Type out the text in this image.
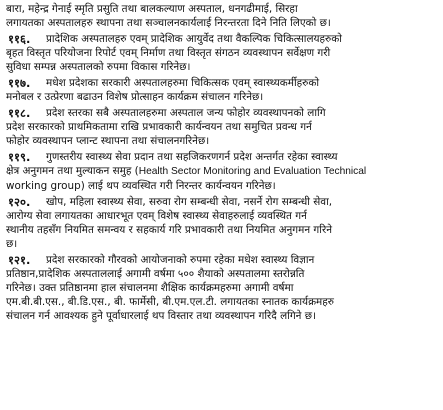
बारा, महेन्द्र गेनाई स्मृति प्रसुति तथा बालकल्याण अस्पताल, धनगढीमाई, सिरहा
लगायतका अस्पतालहरु स्थापना तथा सञ्चालनकार्यलाई निरन्तरता दिने निति लिएको छ।
११६.	प्रादेशिक अस्पतालहरु एवम् प्रादेशिक आयुर्वेद तथा वैकल्पिक चिकित्सालयहरुको
बृहत विस्तृत परियोजना रिपोर्ट एवम् निर्माण तथा विस्तृत संगठन व्यवस्थापन सर्वेक्षण गरी
सुविधा सम्पन्न अस्पतालको रुपमा विकास गरिनेछ।
११७.	मधेश प्रदेशका सरकारी अस्पतालहरुमा चिकित्सक एवम् स्वास्थ्यकर्मीहरुको
मनोबल र उत्प्रेरणा बढाउन विशेष प्रोत्साहन कार्यक्रम संचालन गरिनेछ।
११८.	प्रदेश स्तरका सबै अस्पतालहरुमा अस्पताल जन्य फोहोर व्यवस्थापनको लागि
प्रदेश सरकारको प्राथमिकतामा राखि प्रभावकारी कार्यन्वयन तथा समुचित प्रवन्ध गर्न
फोहोर व्यवस्थापन प्लान्ट स्थापना तथा संचालनगरिनेछ।
११९.	गुणस्तरीय स्वास्थ्य सेवा प्रदान तथा सहजिकरणगर्न प्रदेश अन्तर्गत रहेका स्वास्थ्य
क्षेत्र अनुगमन तथा मुल्याकन समुह (Health Sector Monitoring and Evaluation Technical
working group) लाई थप व्यवस्थित गरी निरन्तर कार्यन्वयन गरिनेछ।
१२०.	खोप, महिला स्वास्थ्य सेवा, सरुवा रोग सम्बन्धी सेवा, नसर्ने रोग सम्बन्धी सेवा,
आरोग्य सेवा लगायतका आधारभूत एवम् विशेष स्वास्थ्य सेवाहरुलाई व्यवस्थित गर्न
स्थानीय तहसँग नियमित समन्वय र सहकार्य गरि प्रभावकारी तथा नियमित अनुगमन गरिने
छ।
१२१.	प्रदेश सरकारको गौरवको आयोजनाको रुपमा रहेका मधेश स्वास्थ्य विज्ञान
प्रतिष्ठान,प्रादेशिक अस्पताललाई अगामी वर्षमा ५०० शैयाको अस्पतालमा स्तरोन्नति
गरिनेछ। उक्त प्रतिष्ठानमा हाल संचालनमा शैक्षिक कार्यक्रमहरुमा अगामी वर्षमा
एम.बी.बी.एस., बी.डि.एस., बी. फार्मेसी, बी.एम.एल.टी. लगायतका स्नातक कार्यक्रमहरु
संचालन गर्न आवश्यक हुने पूर्वाधारलाई थप विस्तार तथा व्यवस्थापन गरिदै लगिने छ।
